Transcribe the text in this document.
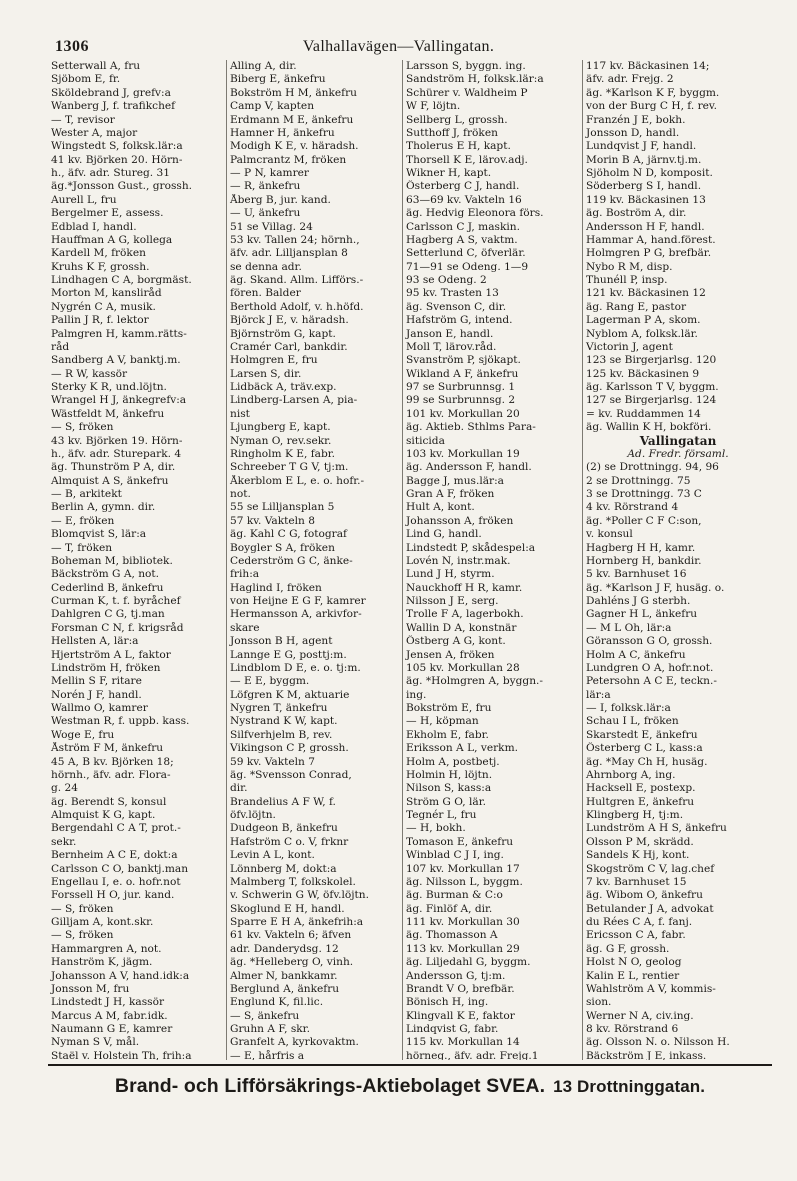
1306	Valhallavägen—Vallingatan.
Setterwall A, fru
Sjöbom E, fr.
Sköldebrand J, grefv:a
Wanberg J, f. trafikchef
— T, revisor
Wester A, major
Wingstedt S, folksk.lär:a
41 kv. Björken 20. Hörn-
h., äfv. adr. Stureg. 31
äg.*Jonsson Gust., grossh.
Aurell L, fru
Bergelmer E, assess.
Edblad I, handl.
Hauffman A G, kollega
Kardell M, fröken
Kruhs K F, grossh.
Lindhagen C A, borgmäst.
Morton M, kanslіråd
Nygrén C A, musik.
Pallin J R, f. lektor
Palmgren H, kamm.rätts-
råd
Sandberg A V, banktj.m.
— R W, kassör
Sterky K R, und.löjtn.
Wrangel H J, änkegrefv:a
Wästfeldt M, änkefru
— S, fröken
43 kv. Björken 19. Hörn-
h., äfv. adr. Sturepark. 4
äg. Thunström P A, dir.
Almquist A S, änkefru
— B, arkitekt
Berlin A, gymn. dir.
— E, fröken
Blomqvist S, lär:a
— T, fröken
Boheman M, bibliotek.
Bäckström G A, not.
Cederlind B, änkefru
Curman K, t. f. byråchef
Dahlgren C G, tj.man
Forsman C N, f. krigsråd
Hellsten A, lär:a
Hjertström A L, faktor
Lindström H, fröken
Mellin S F, ritare
Norén J F, handl.
Wallmo O, kamrer
Westman R, f. uppb. kass.
Woge E, fru
Åström F M, änkefru
45 A, B kv. Björken 18;
hörnh., äfv. adr. Flora-
g. 24
äg. Berendt S, konsul
Almquist K G, kapt.
Bergendahl C A T, prot.-
sekr.
Bernheim A C E, dokt:a
Carlsson C O, banktj.man
Engellau I, e. o. hofr.not
Forssell H O, jur. kand.
— S, fröken
Gilljam A, kont.skr.
— S, fröken
Hammargren A, not.
Hanström K, jägm.
Johansson A V, hand.idk:a
Jonsson M, fru
Lindstedt J H, kassör
Marcus A M, fabr.idk.
Naumann G E, kamrer
Nyman S V, mål.
Staël v. Holstein Th, frih:a
Alling A, dir.
Biberg E, änkefru
Bokström H M, änkefru
Camp V, kapten
Erdmann M E, änkefru
Hamner H, änkefru
Modigh K E, v. häradsh.
Palmcrantz M, fröken
— P N, kamrer
— R, änkefru
Åberg B, jur. kand.
— U, änkefru
51 se Villag. 24
53 kv. Tallen 24; hörnh.,
äfv. adr. Lilljansplan 8
se denna adr.
äg. Skand. Allm. Lifförs.-
fören. Balder
Berthold Adolf, v. h.höfd.
Björck J E, v. häradsh.
Björnström G, kapt.
Cramér Carl, bankdir.
Holmgren E, fru
Larsen S, dir.
Lidbäck A, träv.exp.
Lindberg-Larsen A, pia-
nist
Ljungberg E, kapt.
Nyman O, rev.sekr.
Ringholm K E, fabr.
Schreeber T G V, tj:m.
Åkerblom E L, e. o. hofr.-
not.
55 se Lilljansplan 5
57 kv. Vakteln 8
äg. Kahl C G, fotograf
Boygler S A, fröken
Cederström G C, änke-
frih:a
Haglind I, fröken
von Heijne E G F, kamrer
Hermansson A, arkivfor-
skare
Jonsson B H, agent
Lannge E G, posttj:m.
Lindblom D E, e. o. tj:m.
— E E, byggm.
Löfgren K M, aktuarie
Nygren T, änkefru
Nystrand K W, kapt.
Silfverhjelm B, rev.
Vikingson C P, grossh.
59 kv. Vakteln 7
äg. *Svensson Conrad,
dir.
Brandelius A F W, f.
öfv.löjtn.
Dudgeon B, änkefru
Hafström C o. V, frknr
Levin A L, kont.
Lönnberg M, dokt:a
Malmberg T, folkskolel.
v. Schwerin G W, öfv.löjtn.
Skoglund E H, handl.
Sparre E H A, änkefrih:a
61 kv. Vakteln 6; äfven
adr. Danderydsg. 12
äg. *Helleberg O, vinh.
Almer N, bankkamr.
Berglund A, änkefru
Englund K, fil.lic.
— S, änkefru
Gruhn A F, skr.
Granfelt A, kyrkovaktm.
— E, hårfris a
Larsson S, byggn. ing.
Sandström H, folksk.lär:a
Schürer v. Waldheim P
W F, löjtn.
Sellberg L, grossh.
Sutthoff J, fröken
Tholerus E H, kapt.
Thorsell K E, lärov.adj.
Wikner H, kapt.
Österberg C J, handl.
63—69 kv. Vakteln 16
äg. Hedvig Eleonora förs.
Carlsson C J, maskin.
Hagberg A S, vaktm.
Setterlund C, öfverlär.
71—91 se Odeng. 1—9
93 se Odeng. 2
95 kv. Trasten 13
äg. Svenson C, dir.
Hafström G, intend.
Janson E, handl.
Moll T, lärov.råd.
Svanström P, sjökapt.
Wikland A F, änkefru
97 se Surbrunnsg. 1
99 se Surbrunnsg. 2
101 kv. Morkullan 20
äg. Aktieb. Sthlms Para-
siticida
103 kv. Morkullan 19
äg. Andersson F, handl.
Bagge J, mus.lär:a
Gran A F, fröken
Hult A, kont.
Johansson A, fröken
Lind G, handl.
Lindstedt P, skådespel:a
Lovén N, instr.mak.
Lund J H, styrm.
Nauckhoff H R, kamr.
Nilsson J E, serg.
Trolle F A, lagerbokh.
Wallin D A, konstnär
Östberg A G, kont.
Jensen A, fröken
105 kv. Morkullan 28
äg. *Holmgren A, byggn.-
ing.
Bokström E, fru
— H, köpman
Ekholm E, fabr.
Eriksson A L, verkm.
Holm A, postbetj.
Holmin H, löjtn.
Nilson S, kass:a
Ström G O, lär.
Tegnér L, fru
— H, bokh.
Tomason E, änkefru
Winblad C J I, ing.
107 kv. Morkullan 17
äg. Nilsson L, byggm.
äg. Burman & C:o
äg. Finlöf A, dir.
111 kv. Morkullan 30
äg. Thomasson A
113 kv. Morkullan 29
äg. Liljedahl G, byggm.
Andersson G, tj:m.
Brandt V O, brefbär.
Bönisch H, ing.
Klingvall K E, faktor
Lindqvist G, fabr.
115 kv. Morkullan 14
hörneg., äfv. adr. Frejg.1
117 kv. Bäckasinen 14;
äfv. adr. Frejg. 2
äg. *Karlson K F, byggm.
von der Burg C H, f. rev.
Franzén J E, bokh.
Jonsson D, handl.
Lundqvist J F, handl.
Morin B A, järnv.tj.m.
Sjöholm N D, komposit.
Söderberg S I, handl.
119 kv. Bäckasinen 13
äg. Boström A, dir.
Andersson H F, handl.
Hammar A, hand.förest.
Holmgren P G, brefbär.
Nybo R M, disp.
Thunéll P, insp.
121 kv. Bäckasinen 12
äg. Rang E, pastor
Lagerman P A, skom.
Nyblom A, folksk.lär.
Victorin J, agent
123 se Birgerjarlsg. 120
125 kv. Bäckasinen 9
äg. Karlsson T V, byggm.
127 se Birgerjarlsg. 124
= kv. Ruddammen 14
äg. Wallin K H, bokföri.
Vallingatan
Ad. Fredr. församl.
(2) se Drottningg. 94, 96
2 se Drottningg. 75
3 se Drottningg. 73 C
4 kv. Rörstrand 4
äg. *Poller C F C:son,
v. konsul
Hagberg H H, kamr.
Hornberg H, bankdir.
5 kv. Barnhuset 16
äg. *Karlson J F, husäg. o.
Dahléns J G sterbh.
Gagner H L, änkefru
— M L Oh, lär:a
Göransson G O, grossh.
Holm A C, änkefru
Lundgren O A, hofr.not.
Petersohn A C E, teckn.-
lär:a
— I, folksk.lär:a
Schau I L, fröken
Skarstedt E, änkefru
Österberg C L, kass:a
äg. *May Ch H, husäg.
Ahrnborg A, ing.
Hacksell E, postexp.
Hultgren E, änkefru
Klingberg H, tj:m.
Lundström A H S, änkefru
Olsson P M, skrädd.
Sandels K Hj, kont.
Skogström C V, lag.chef
7 kv. Barnhuset 15
äg. Wibom O, änkefru
Betulander J A, advokat
du Rées C A, f. fanj.
Ericsson C A, fabr.
äg. G F, grossh.
Holst N O, geolog
Kalin E L, rentier
Wahlström A V, kommis-
sion.
Werner N A, civ.ing.
8 kv. Rörstrand 6
äg. Olsson N. o. Nilsson H.
Bäckström J E, inkass.
Brand- och Lifförsäkrings-Aktiebolaget SVEA. 13 Drottninggatan.
